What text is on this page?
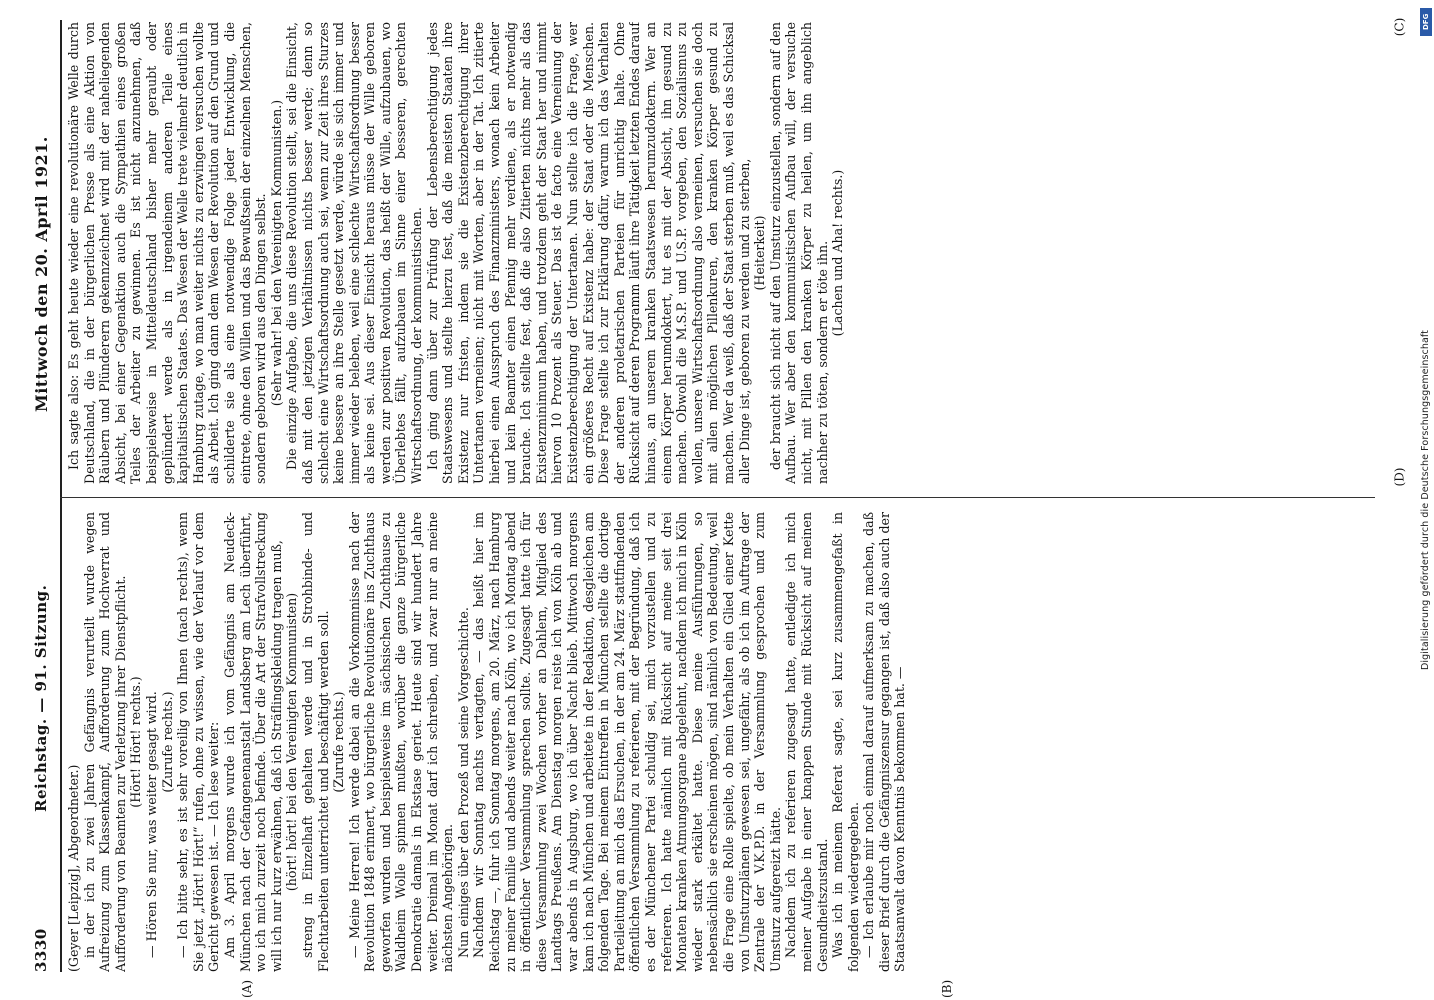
3330
Reichstag. — 91. Sitzung.
Mittwoch den 20. April 1921.
(A)	(B)

(Geyer [Leipzig], Abgeordneter.) in der ich zu zwei Jahren Gefängnis verurteilt wurde wegen Aufreizung zum Klassenkampf, Aufforderung zum Hochverrat und Aufforderung von Beamten zur Verletzung ihrer Dienstpflicht. (Hört! Hört! rechts.) — Hören Sie nur, was weiter gesagt wird. (Zurufe rechts.) — Ich bitte sehr, es ist sehr voreilig von Ihnen (nach rechts), wenn Sie jetzt „Hört! Hört!“ rufen, ohne zu wissen, wie der Verlauf vor dem Gericht gewesen ist. — Ich lese weiter: Am 3. April morgens wurde ich vom Gefängnis am Neudeck-München nach der Gefangenenanstalt Landsberg am Lech überführt, wo ich mich zurzeit noch befinde. Über die Art der Strafvollstreckung will ich nur kurz erwähnen, daß ich Sträflingskleidung tragen muß, (hört! hört! bei den Vereinigten Kommunisten) streng in Einzelhaft gehalten werde und in Strohbinde- und Flechtarbeiten unterrichtet und beschäftigt werden soll. (Zurufe rechts.) — Meine Herren! Ich werde dabei an die Vorkommnisse nach der Revolution 1848 erinnert, wo bürgerliche Revolutionäre ins Zuchthaus geworfen wurden und beispielsweise im sächsischen Zuchthause zu Waldheim Wolle spinnen mußten, worüber die ganze bürgerliche Demokratie damals in Ekstase geriet. Heute sind wir hundert Jahre weiter. Dreimal im Monat darf ich schreiben, und zwar nur an meine nächsten Angehörigen. Nun einiges über den Prozeß und seine Vorgeschichte. Nachdem wir Sonntag nachts vertagten, — das heißt hier im Reichstag —, fuhr ich Sonntag morgens, am 20. März, nach Hamburg zu meiner Familie und abends weiter nach Köln, wo ich Montag abend in öffentlicher Versammlung sprechen sollte. Zugesagt hatte ich für diese Versammlung zwei Wochen vorher an Dahlem, Mitglied des Landtags Preußens. Am Dienstag morgen reiste ich von Köln ab und war abends in Augsburg, wo ich über Nacht blieb. Mittwoch morgens kam ich nach München und arbeitete in der Redaktion, desgleichen am folgenden Tage. Bei meinem Eintreffen in München stellte die dortige Parteileitung an mich das Ersuchen, in der am 24. März stattfindenden öffentlichen Versammlung zu referieren, mit der Begründung, daß ich es der Münchener Partei schuldig sei, mich vorzustellen und zu referieren. Ich hatte nämlich mit Rücksicht auf meine seit drei Monaten kranken Atmungsorgane abgelehnt, nachdem ich mich in Köln wieder stark erkältet hatte. Diese meine Ausführungen, so nebensächlich sie erscheinen mögen, sind nämlich von Bedeutung, weil die Frage eine Rolle spielte, ob mein Verhalten ein Glied einer Kette von Umsturzplänen gewesen sei, ungefähr, als ob ich im Auftrage der Zentrale der V.K.P.D. in der Versammlung gesprochen und zum Umsturz aufgereizt hätte. Nachdem ich zu referieren zugesagt hatte, entledigte ich mich meiner Aufgabe in einer knappen Stunde mit Rücksicht auf meinen Gesundheitszustand. Was ich in meinem Referat sagte, sei kurz zusammengefaßt in folgenden wiedergegeben. — Ich erlaube mir noch einmal darauf aufmerksam zu machen, daß dieser Brief durch die Gefängniszensur gegangen ist, daß also auch der Staatsanwalt davon Kenntnis bekommen hat. —

Ich sagte also: Es geht heute wieder eine revolutionäre Welle durch Deutschland, die in der bürgerlichen Presse als eine Aktion von Räubern und Plünderern gekennzeichnet wird mit der naheliegenden Absicht, bei einer Gegenaktion auch die Sympathien eines großen Teiles der Arbeiter zu gewinnen. Es ist nicht anzunehmen, daß beispielsweise in Mitteldeutschland bisher mehr geraubt oder geplündert werde als in irgendeinem anderen Teile eines kapitalistischen Staates. Das Wesen der Welle trete vielmehr deutlich in Hamburg zutage, wo man weiter nichts zu erzwingen versuchen wollte als Arbeit. Ich ging dann dem Wesen der Revolution auf den Grund und schilderte sie als eine notwendige Folge jeder Entwicklung, die eintrete, ohne den Willen und das Bewußtsein der einzelnen Menschen, sondern geboren wird aus den Dingen selbst. (Sehr wahr! bei den Vereinigten Kommunisten.) Die einzige Aufgabe, die uns diese Revolution stellt, sei die Einsicht, daß mit den jetzigen Verhältnissen nichts besser werde; denn so schlecht eine Wirtschaftsordnung auch sei, wenn zur Zeit ihres Sturzes keine bessere an ihre Stelle gesetzt werde, würde sie sich immer und immer wieder beleben, weil eine schlechte Wirtschaftsordnung besser als keine sei. Aus dieser Einsicht heraus müsse der Wille geboren werden zur positiven Revolution, das heißt der Wille, aufzubauen, wo Überlebtes fällt, aufzubauen im Sinne einer besseren, gerechten Wirtschaftsordnung, der kommunistischen. Ich ging dann über zur Prüfung der Lebensberechtigung jedes Staatswesens und stellte hierzu fest, daß die meisten Staaten ihre Existenz nur fristen, indem sie die Existenzberechtigung ihrer Untertanen verneinen; nicht mit Worten, aber in der Tat. Ich zitierte hierbei einen Ausspruch des Finanzministers, wonach kein Arbeiter und kein Beamter einen Pfennig mehr verdiene, als er notwendig brauche. Ich stellte fest, daß die also Zitierten nichts mehr als das Existenzminimum haben, und trotzdem geht der Staat her und nimmt hiervon 10 Prozent als Steuer. Das ist de facto eine Verneinung der Existenzberechtigung der Untertanen. Nun stellte ich die Frage, wer ein größeres Recht auf Existenz habe: der Staat oder die Menschen. Diese Frage stellte ich zur Erklärung dafür, warum ich das Verhalten der anderen proletarischen Parteien für unrichtig halte. Ohne Rücksicht auf deren Programm läuft ihre Tätigkeit letzten Endes darauf hinaus, an unserem kranken Staatswesen herumzudoktern. Wer an einem Körper herumdoktert, tut es mit der Absicht, ihn gesund zu machen. Obwohl die M.S.P. und U.S.P. vorgeben, den Sozialismus zu wollen, unsere Wirtschaftsordnung also verneinen, versuchen sie doch mit allen möglichen Pillenkuren, den kranken Körper gesund zu machen. Wer da weiß, daß der Staat sterben muß, weil es das Schicksal aller Dinge ist, geboren zu werden und zu sterben, (Heiterkeit) der braucht sich nicht auf den Umsturz einzustellen, sondern auf den Aufbau. Wer aber den kommunistischen Aufbau will, der versuche nicht, mit Pillen den kranken Körper zu heilen, um ihn angeblich nachher zu töten, sondern er töte ihn. (Lachen und Aha! rechts.)

(C)
(D)
DFG
Digitalisierung gefördert durch die Deutsche Forschungsgemeinschaft
